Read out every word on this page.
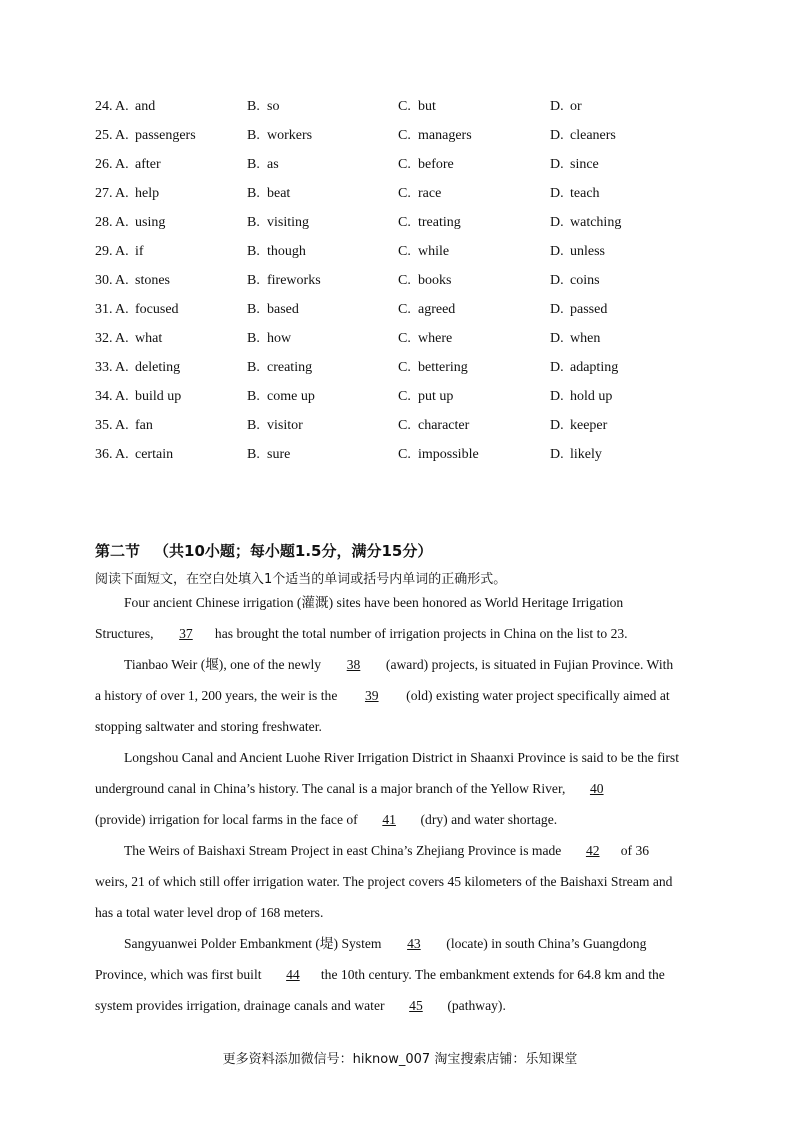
24. A. and	B. so	C. but	D. or
25. A. passengers	B. workers	C. managers	D. cleaners
26. A. after	B. as	C. before	D. since
27. A. help	B. beat	C. race	D. teach
28. A. using	B. visiting	C. treating	D. watching
29. A. if	B. though	C. while	D. unless
30. A. stones	B. fireworks	C. books	D. coins
31. A. focused	B. based	C. agreed	D. passed
32. A. what	B. how	C. where	D. when
33. A. deleting	B. creating	C. bettering	D. adapting
34. A. build up	B. come up	C. put up	D. hold up
35. A. fan	B. visitor	C. character	D. keeper
36. A. certain	B. sure	C. impossible	D. likely
第二节 （共10小题；每小题1.5分，满分15分）
阅读下面短文，在空白处填入1个适当的单词或括号内单词的正确形式。
Four ancient Chinese irrigation (灌溉) sites have been honored as World Heritage Irrigation
Structures, 37 has brought the total number of irrigation projects in China on the list to 23.
Tianbao Weir (堰), one of the newly 38 (award) projects, is situated in Fujian Province. With
a history of over 1, 200 years, the weir is the 39 (old) existing water project specifically aimed at
stopping saltwater and storing freshwater.
Longshou Canal and Ancient Luohe River Irrigation District in Shaanxi Province is said to be the first
underground canal in China’s history. The canal is a major branch of the Yellow River, 40
(provide) irrigation for local farms in the face of 41 (dry) and water shortage.
The Weirs of Baishaxi Stream Project in east China’s Zhejiang Province is made 42 of 36
weirs, 21 of which still offer irrigation water. The project covers 45 kilometers of the Baishaxi Stream and
has a total water level drop of 168 meters.
Sangyuanwei Polder Embankment (堤) System 43 (locate) in south China’s Guangdong
Province, which was first built 44 the 10th century. The embankment extends for 64.8 km and the
system provides irrigation, drainage canals and water 45 (pathway).
更多资料添加微信号：hiknow_007 淘宝搜索店铺：乐知课堂
